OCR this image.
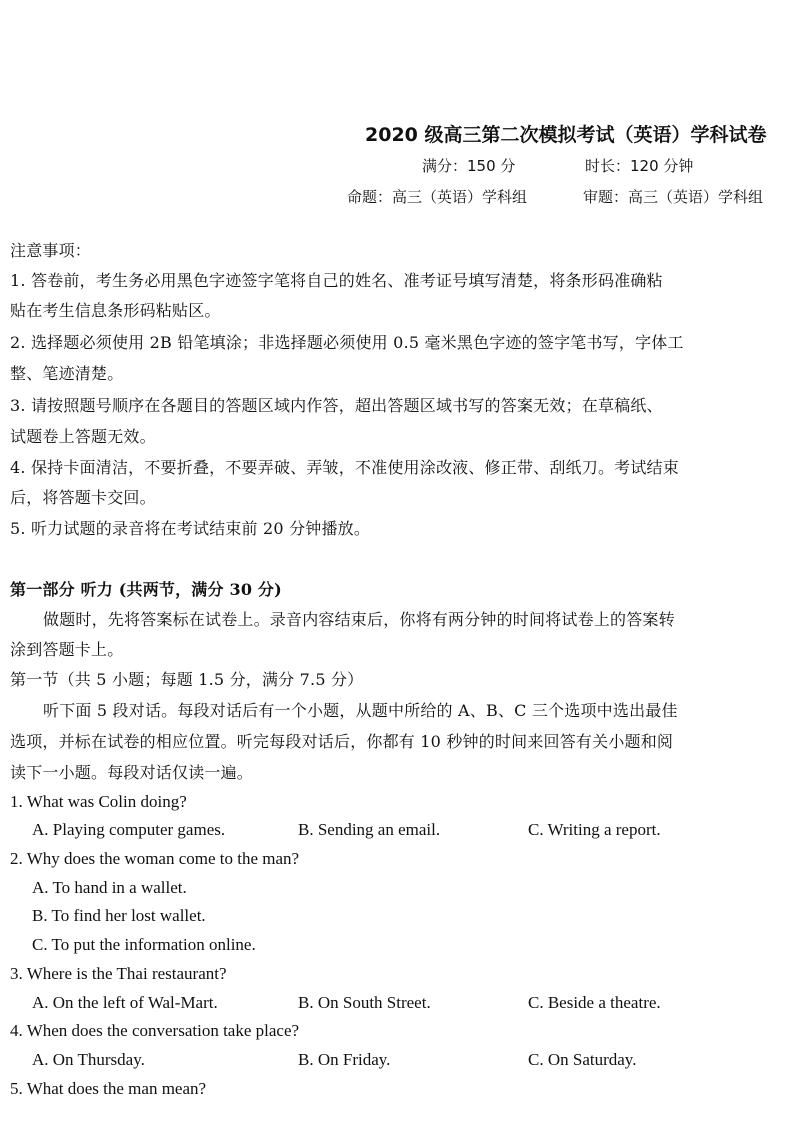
2020 级高三第二次模拟考试（英语）学科试卷
满分：150 分	时长：120 分钟
命题：高三（英语）学科组	审题：高三（英语）学科组
注意事项：
1. 答卷前，考生务必用黑色字迹签字笔将自己的姓名、准考证号填写清楚，将条形码准确粘
贴在考生信息条形码粘贴区。
2. 选择题必须使用 2B 铅笔填涂；非选择题必须使用 0.5 毫米黑色字迹的签字笔书写，字体工
整、笔迹清楚。
3. 请按照题号顺序在各题目的答题区域内作答，超出答题区域书写的答案无效；在草稿纸、
试题卷上答题无效。
4. 保持卡面清洁，不要折叠，不要弄破、弄皱，不准使用涂改液、修正带、刮纸刀。考试结束
后，将答题卡交回。
5. 听力试题的录音将在考试结束前 20 分钟播放。
第一部分 听力 (共两节，满分 30 分)
做题时，先将答案标在试卷上。录音内容结束后，你将有两分钟的时间将试卷上的答案转
涂到答题卡上。
第一节（共 5 小题；每题 1.5 分，满分 7.5 分）
听下面 5 段对话。每段对话后有一个小题，从题中所给的 A、B、C 三个选项中选出最佳
选项，并标在试卷的相应位置。听完每段对话后，你都有 10 秒钟的时间来回答有关小题和阅
读下一小题。每段对话仅读一遍。
1. What was Colin doing?
A. Playing computer games.	B. Sending an email.	C. Writing a report.
2. Why does the woman come to the man?
A. To hand in a wallet.
B. To find her lost wallet.
C. To put the information online.
3. Where is the Thai restaurant?
A. On the left of Wal-Mart.	B. On South Street.	C. Beside a theatre.
4. When does the conversation take place?
A. On Thursday.	B. On Friday.	C. On Saturday.
5. What does the man mean?
